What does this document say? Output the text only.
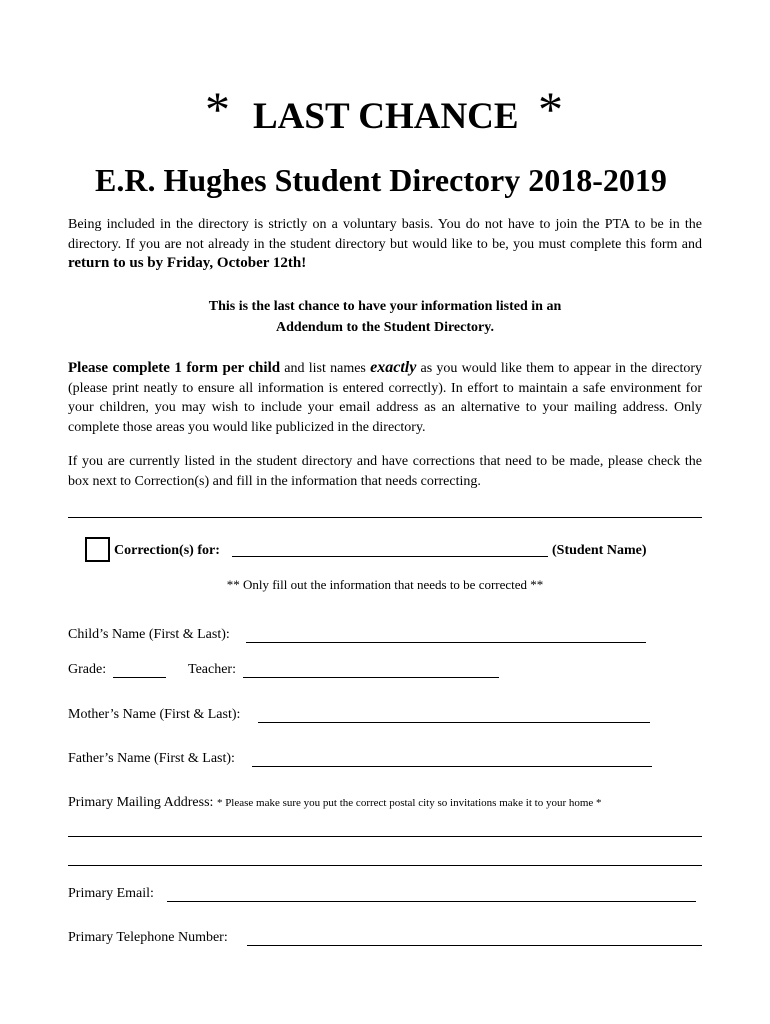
* LAST CHANCE *
E.R. Hughes Student Directory 2018-2019
Being included in the directory is strictly on a voluntary basis. You do not have to join the PTA to be in the directory. If you are not already in the student directory but would like to be, you must complete this form and return to us by Friday, October 12th!
This is the last chance to have your information listed in an
Addendum to the Student Directory.
Please complete 1 form per child and list names exactly as you would like them to appear in the directory (please print neatly to ensure all information is entered correctly). In effort to maintain a safe environment for your children, you may wish to include your email address as an alternative to your mailing address. Only complete those areas you would like publicized in the directory.
If you are currently listed in the student directory and have corrections that need to be made, please check the box next to Correction(s) and fill in the information that needs correcting.
Correction(s) for:	(Student Name)
** Only fill out the information that needs to be corrected **
Child’s Name (First & Last):
Grade:	Teacher:
Mother’s Name (First & Last):
Father’s Name (First & Last):
Primary Mailing Address: * Please make sure you put the correct postal city so invitations make it to your home *
Primary Email:
Primary Telephone Number:
